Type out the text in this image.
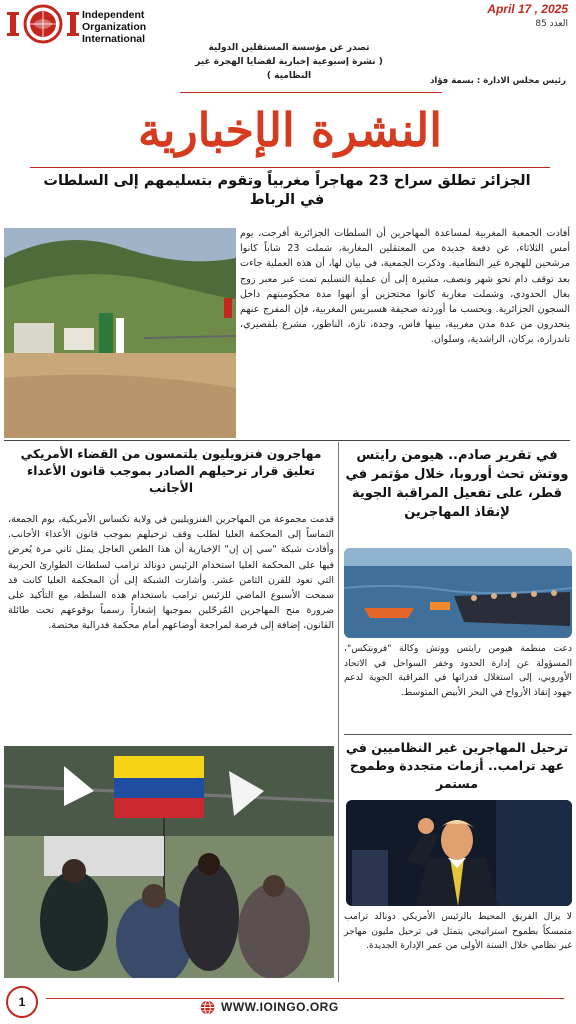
Independent
Organization
International
April 17 , 2025
العدد 85
تصدر عن مؤسسة المستقلين الدولية
( نشرة إسبوعية إخبارية لقضايا الهجرة غير النظامية )	رئيس مجلس الادارة : بسمة فؤاد
النشرة الإخبارية
الجزائر تطلق سراح 23 مهاجراً مغربياً وتقوم بتسليمهم إلى السلطات في الرباط
أفادت الجمعية المغربية لمساعدة المهاجرين أن السلطات الجزائرية أفرجت، يوم أمس الثلاثاء، عن دفعة جديدة من المعتقلين المغاربة، شملت 23 شاباً كانوا مرشحين للهجرة غير النظامية. وذكرت الجمعية، في بيان لها، أن هذه العملية جاءت بعد توقف دام نحو شهر ونصف، مشيرة إلى أن عملية التسليم تمت عبر معبر زوج بغال الحدودي، وشملت مغاربة كانوا محتجزين أو أنهوا مدة محكوميتهم داخل السجون الجزائرية. وبحسب ما أوردته صحيفة هسبريس المغربية، فإن المفرج عنهم ينحدرون من عدة مدن مغربية، بينها فاس، وجدة، تازة، الناظور، مشرع بلقصيري، تاندرارة، بركان، الراشدية، وسلوان.
مهاجرون فنزويليون يلتمسون من القضاء الأمريكي تعليق قرار ترحيلهم الصادر بموجب قانون الأعداء الأجانب
قدمت مجموعة من المهاجرين الفنزويليين في ولاية تكساس الأمريكية، يوم الجمعة، التماساً إلى المحكمة العليا لطلب وقف ترحيلهم بموجب قانون الأعداء الأجانب. وأفادت شبكة "سي إن إن" الإخبارية أن هذا الطعن العاجل يمثل ثاني مرة يُعرض فيها على المحكمة العليا استخدام الرئيس دونالد ترامب لسلطات الطوارئ الحربية التي تعود للقرن الثامن عشر. وأشارت الشبكة إلى أن المحكمة العليا كانت قد سمحت الأسبوع الماضي للرئيس ترامب باستخدام هذه السلطة، مع التأكيد على ضرورة منح المهاجرين المُرحّلين بموجبها إشعاراً رسمياً بوقوعهم تحت طائلة القانون، إضافة إلى فرصة لمراجعة أوضاعهم أمام محكمة فدرالية مختصة.
في تقرير صادم.. هيومن رايتس ووتش تحث أوروبا، خلال مؤتمر في قطر، على تفعيل المراقبة الجوية لإنقاذ المهاجرين
دعت منظمة هيومن رايتس ووتش وكالة "فرونتكس"، المسؤولة عن إدارة الحدود وخفر السواحل في الاتحاد الأوروبي، إلى استغلال قدراتها في المراقبة الجوية لدعم جهود إنقاذ الأرواح في البحر الأبيض المتوسط.
ترحيل المهاجرين غير النظاميين في عهد ترامب.. أزمات متجددة وطموح مستمر
لا يزال الفريق المحيط بالرئيس الأمريكي دونالد ترامب متمسكاً بطموح استراتيجي يتمثل في ترحيل مليون مهاجر غير نظامي خلال السنة الأولى من عمر الإدارة الجديدة.
1	WWW.IOINGO.ORG
